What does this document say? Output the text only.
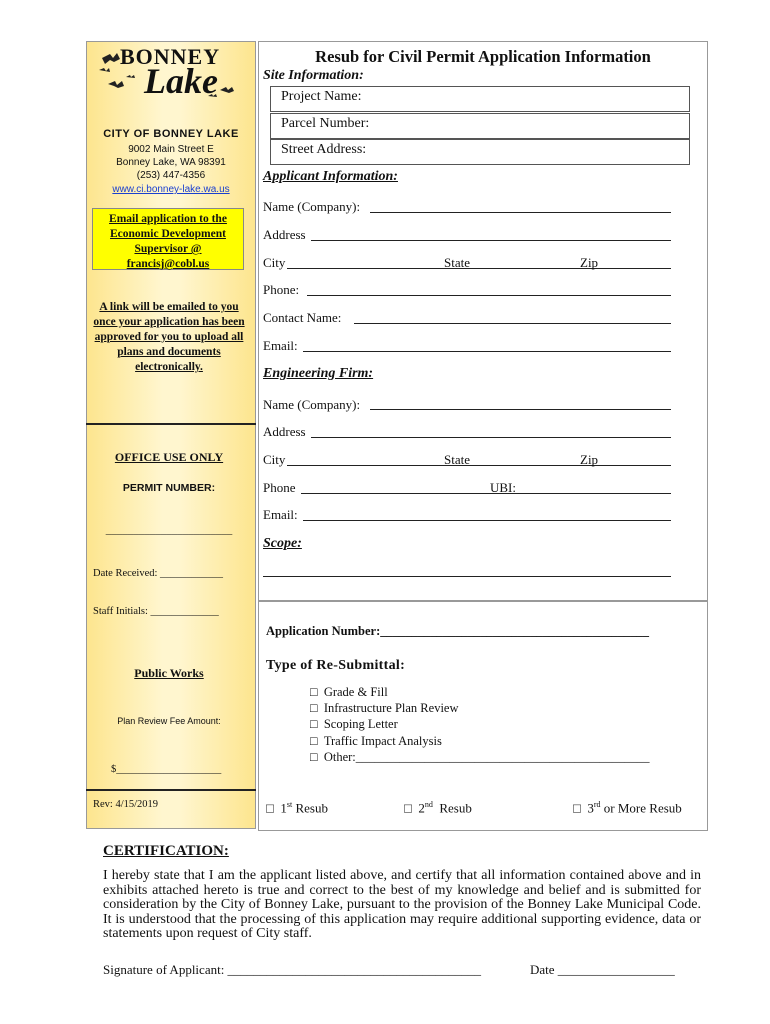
BONNEY
Lake
CITY OF BONNEY LAKE
9002 Main Street E
Bonney Lake, WA 98391
(253) 447-4356
www.ci.bonney-lake.wa.us
Email application to the Economic Development Supervisor @ francisj@cobl.us
A link will be emailed to you once your application has been approved for you to upload all plans and documents electronically.
OFFICE USE ONLY
PERMIT NUMBER:
_______________________
Date Received: ____________
Staff Initials: _____________
Public Works
Plan Review Fee Amount:
$____________________
Rev: 4/15/2019
Resub for Civil Permit Application Information
Site Information:
Project Name:
Parcel Number:
Street Address:
Applicant Information:
Name (Company):
Address
City	State	Zip
Phone:
Contact Name:
Email:
Engineering Firm:
Name (Company):
Address
City	State	Zip
Phone	UBI:
Email:
Scope:
Application Number:___________________________________________
Type of Re-Submittal:
□ Grade & Fill
□ Infrastructure Plan Review
□ Scoping Letter
□ Traffic Impact Analysis
□ Other:_______________________________________________
□ 1st Resub	□ 2nd Resub	□ 3rd or More Resub
CERTIFICATION:
I hereby state that I am the applicant listed above, and certify that all information contained above and in exhibits attached hereto is true and correct to the best of my knowledge and belief and is submitted for consideration by the City of Bonney Lake, pursuant to the provision of the Bonney Lake Municipal Code. It is understood that the processing of this application may require additional supporting evidence, data or statements upon request of City staff.
Signature of Applicant: _______________________________________	Date __________________
